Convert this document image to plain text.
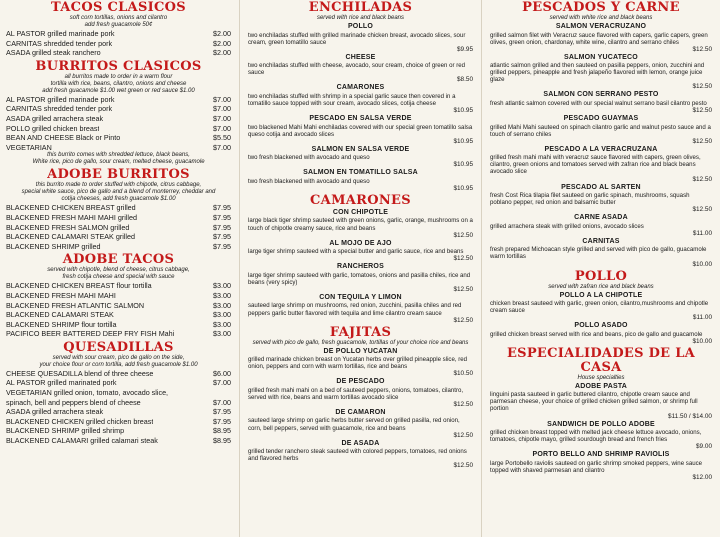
TACOS CLASICOS
soft corn tortillas, onions and cilantro
add fresh guacamole 50¢
AL PASTOR grilled marinade pork	$2.00
CARNITAS shredded tender pork	$2.00
ASADA grilled steak ranchero	$2.00
BURRITOS CLASICOS
all burritos made to order in a warm flour
tortilla with rice, beans, cilantro, onions and cheese
add fresh guacamole $1.00 wet green or red sauce $1.00
AL PASTOR grilled marinade pork	$7.00
CARNITAS shredded tender pork	$7.00
ASADA grilled arrachera steak	$7.00
POLLO grilled chicken breast	$7.00
BEAN AND CHEESE Black or Pinto	$5.50
VEGETARIAN	$7.00
this burrito comes with shredded lettuce, black beans,
White rice, pico de gallo, sour cream, melted cheese, guacamole
ADOBE BURRITOS
this burrito made to order stuffed with chipotle, citrus cabbage,
special white sauce, pico de gallo and a blend of monterrey, cheddar and
cotija cheeses, add fresh guacamole $1.00
BLACKENED CHICKEN BREAST grilled	$7.95
BLACKENED FRESH MAHI MAHI grilled	$7.95
BLACKENED FRESH SALMON grilled	$7.95
BLACKENED CALAMARI STEAK grilled	$7.95
BLACKENED SHRIMP grilled	$7.95
ADOBE TACOS
served with chipotle, blend of cheese, citrus cabbage,
fresh cotija cheese and special with sauce
BLACKENED CHICKEN BREAST flour tortilla	$3.00
BLACKENED FRESH MAHI MAHI	$3.00
BLACKENED FRESH ATLANTIC SALMON	$3.00
BLACKENED CALAMARI STEAK	$3.00
BLACKENED SHRIMP flour tortilla	$3.00
PACIFICO BEER BATTERED DEEP FRY FISH Mahi	$3.00
QUESADILLAS
served with sour cream, pico de gallo on the side,
your choice flour or corn tortilla, add fresh guacamole $1.00
CHEESE QUESADILLA blend of three cheese	$6.00
AL PASTOR grilled marinated pork	$7.00
VEGETARIAN grilled onion, tomato, avocado slice,
spinach, bell and peppers blend of cheese	$7.00
ASADA grilled arrachera steak	$7.95
BLACKENED CHICKEN grilled chicken breast	$7.95
BLACKENED SHRIMP grilled shrimp	$8.95
BLACKENED CALAMARI grilled calamari steak	$8.95
ENCHILADAS
served with rice and black beans
POLLO
two enchiladas stuffed with grilled marinade chicken breast, avocado slices, sour cream, green tomatillo sauce
$9.95
CHEESE
two enchiladas stuffed with cheese, avocado, sour cream, choice of green or red sauce
$8.50
CAMARONES
two enchiladas stuffed with shrimp in a special garlic sauce then covered in a tomatillo sauce topped with sour cream, avocado slices, cotija cheese
$10.95
PESCADO EN SALSA VERDE
two blackened Mahi Mahi enchiladas covered with our special green tomatillo salsa queso cotija and avocado slices
$10.95
SALMON EN SALSA VERDE
two fresh blackened with avocado and queso
$10.95
SALMON EN TOMATILLO SALSA
two fresh blackened with avocado and queso
$10.95
CAMARONES
CON CHIPOTLE
large black tiger shrimp sauteed with green onions, garlic, orange, mushrooms on a touch of chipotle creamy sauce, rice and beans
$12.50
AL MOJO DE AJO
large tiger shrimp sauteed with a special butter and garlic sauce, rice and beans
$12.50
RANCHEROS
large tiger shrimp sauteed with garlic, tomatoes, onions and pasilla chiles, rice and beans (very spicy)
$12.50
CON TEQUILA Y LIMON
sauteed large shrimp on mushrooms, red onion, zucchini, pasilla chiles and red peppers garlic butter flavored with tequila and lime cilantro cream sauce
$12.50
FAJITAS
served with pico de gallo, fresh guacamole, tortillas of your choice rice and beans
DE POLLO YUCATAN
grilled marinade chicken breast on Yucatan herbs over grilled pineapple slice, red onion, peppers and corn with warm tortillas, rice and beans
$10.50
DE PESCADO
grilled fresh mahi mahi on a bed of sauteed peppers, onions, tomatoes, cilantro, served with rice, beans and warm tortillas avocado slice
$12.50
DE CAMARON
sauteed large shrimp on garlic herbs butter served on grilled pasilla, red onion, corn, bell peppers, served with guacamole, rice and beans
$12.50
DE ASADA
grilled tender ranchero steak sauteed with colored peppers, tomatoes, red onions and flavored herbs
$12.50
PESCADOS Y CARNE
served with white rice and black beans
SALMON VERACRUZANO
grilled salmon filet with Veracruz sauce flavored with capers, garlic capers, green olives, green onion, chardonay, white wine, cilantro and serrano chiles
$12.50
SALMON YUCATECO
atlantic salmon grilled and then sauteed on pasilla peppers, onion, zucchini and grilled peppers, pineapple and fresh jalapeño flavored with lemon, orange juice glaze
$12.50
SALMON CON SERRANO PESTO
fresh atlantic salmon covered with our special walnut serrano basil cilantro pesto
$12.50
PESCADO GUAYMAS
grilled Mahi Mahi sauteed on spinach cilantro garlic and walnut pesto sauce and a touch of serrano chiles
$12.50
PESCADO A LA VERACRUZANA
grilled fresh mahi mahi with veracruz sauce flavored with capers, green olives, cilantro, green onions and tomatoes served with zafran rice and black beans avocado slice
$12.50
PESCADO AL SARTEN
fresh Cost Rica tilapia filet sauteed on garlic spinach, mushrooms, squash poblano pepper, red onion and balsamic butter
$12.50
CARNE ASADA
grilled arrachera steak with grilled onions, avocado slices
$11.00
CARNITAS
fresh prepared Michoacan style grilled and served with pico de gallo, guacamole warm tortillas
$10.00
POLLO
served with zafran rice and black beans
POLLO A LA CHIPOTLE
chicken breast sauteed with garlic, green onion, cilantro,mushrooms and chipotle cream sauce
$11.00
POLLO ASADO
grilled chicken breast served with rice and beans, pico de gallo and guacamole
$10.00
ESPECIALIDADES DE LA CASA
House specialties
ADOBE PASTA
linguini pasta sauteed in garlic buttered cilantro, chipotle cream sauce and parmesan cheese, your choice of grilled chicken grilled salmon, or shrimp full portion
$11.50 / $14.00
SANDWICH DE POLLO ADOBE
grilled chicken breast topped with melted jack cheese lettuce avocado, onions, tomatoes, chipotle mayo, grilled sourdough bread and french fries
$9.00
PORTO BELLO AND SHRIMP RAVIOLIS
large Portobello raviolis sauteed on garlic shrimp smoked peppers, wine sauce topped with shaved parmesan and cilantro
$12.00
